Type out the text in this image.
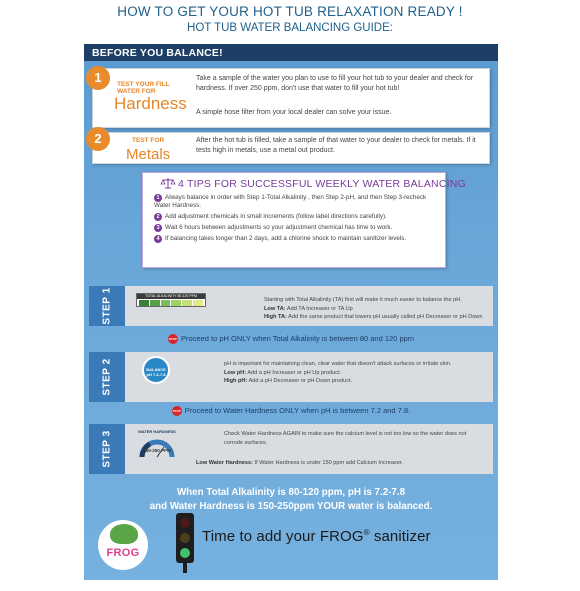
HOW TO GET YOUR HOT TUB RELAXATION READY !
HOT TUB WATER BALANCING GUIDE:
BEFORE YOU BALANCE!
1	TEST YOUR FILL WATER FOR
Hardness
Take a sample of the water you plan to use to fill your hot tub to your dealer and check for hardness. If over 250 ppm, don't use that water to fill your hot tub!
A simple hose filter from your local dealer can solve your issue.
2	TEST FOR
Metals
After the hot tub is filled, take a sample of that water to your dealer to check for metals. If it tests high in metals, use a metal out product.
4 TIPS FOR SUCCESSFUL WEEKLY WATER BALANCING
1 Always balance in order with Step 1-Total Alkalinity , then Step 2-pH, and then Step 3-recheck Water Hardness.
2 Add adjustment chemicals in small increments (follow label directions carefully).
3 Wait 6 hours between adjustments so your adjustment chemical has time to work.
4 If balancing takes longer than 2 days, add a chlorine shock to maintain sanitizer levels.
STEP 1	TOTAL ALKALINITY 80-120 PPM
Starting with Total Alkalinity (TA) first will make it much easier to balance the pH.
Low TA: Add TA Increaser or TA Up
High TA: Add the same product that lowers pH usually called pH Decreaser or pH Down
STOP Proceed to pH ONLY when Total Alkalinity is between 80 and 120 ppm
STEP 2	BALANCE pH 7.2-7.8
pH is important for maintaining clean, clear water that doesn't attack surfaces or irritate skin.
Low pH: Add a pH Increaser or pH Up product.
High pH: Add a pH Decreaser or pH Down product.
STOP Proceed to Water Hardness ONLY when pH is between 7.2 and 7.8.
STEP 3	WATER HARDNESS
150-250 PPM
Check Water Hardness AGAIN to make sure the calcium level is not too low so the water does not corrode surfaces.
Low Water Hardness: If Water Hardness is under 150 ppm add Calcium Increaser.
When Total Alkalinity is 80-120 ppm, pH is 7.2-7.8
and Water Hardness is 150-250ppm YOUR water is balanced.
FROG
Time to add your FROG® sanitizer
Learn more and find your local dealer at frogproducts.com
